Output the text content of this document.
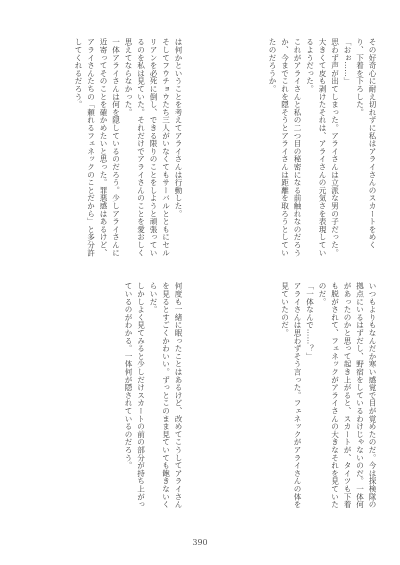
その好奇心に耐え切れずに私はアライさんのスカートをめくり、下着を下ろした。
「おぉ……」
思わず声が出てしまった。アライさんは立派な男の子だった。大きくて皮も剥けたそれは、アライさんの元気さを表現しているようだった。
これがアライさんと私の二つ目の秘密になる前触れなのだろうか、今までこれを隠そうとアライさんは距離を取ろうとしていたのだろうか。
は何かということを考えてアライさんは行動した。
そしてフウチョウたち三人がいなくてもサーバルとともにセルリアンを必死に倒し、できる限りのことをしようと頑張っているのを私は見ていた。それだけでアライさんのことを愛おしく思えてならなかった。
一体アライさんは何を隠しているのだろう。少しアライさんに近寄ってそのことを確かめたいと思った。罪悪感はあるけど、アライさんたちの「頼れるフェネックのことだから」と多分許してくれるだろう。
いつもよりもなんだか寒い感覚で目が覚めたのだ。今は探検隊の拠点にいるはずだし、野宿をしているわけじゃないのだ。一体何があったのかと思って起き上がると、スカートが、タイツも下着も脱がされて、フェネックがアライさんの大きなそれを見ていたのだ。
「一体なんで……？」
アライさんは思わずそう言った。フェネックがアライさんの体を見ていたのだ。
何度も一緒に眠ったことはあるけど、改めてこうしてアライさんを見るとすごくかわいい。ずっとこのまま見ていても飽きないくらいだ。
しかしよく見てみると少しだけスカートの前の部分が持ち上がっているのがわかる。一体何が隠されているのだろう。
390
